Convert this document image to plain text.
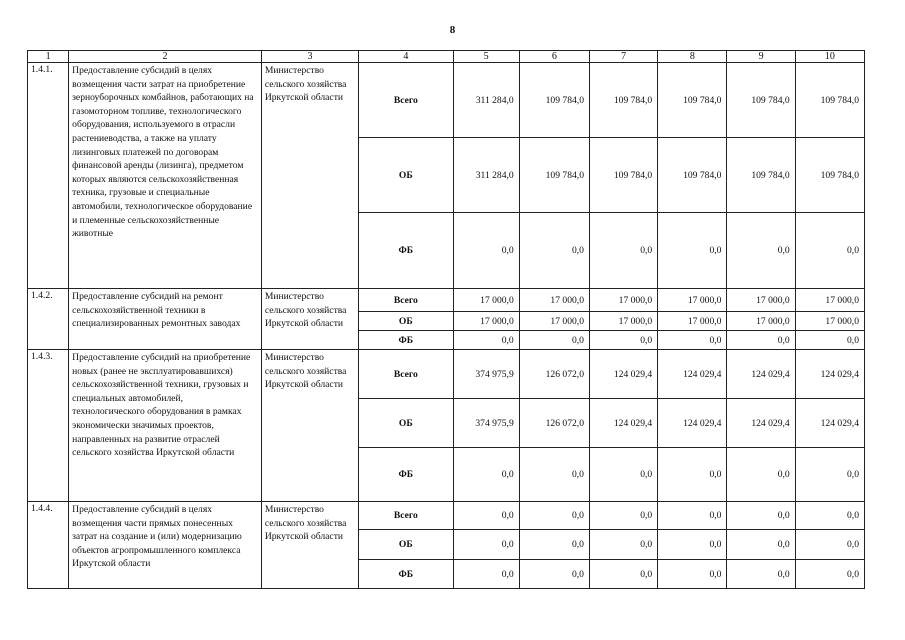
8
1	2	3	4	5	6	7	8	9	10
1.4.1.	Предоставление субсидий в целях возмещения части затрат на приобретение зерноуборочных комбайнов, работающих на газомоторном топливе, технологического оборудования, используемого в отрасли растениеводства, а также на уплату лизинговых платежей по договорам финансовой аренды (лизинга), предметом которых являются сельскохозяйственная техника, грузовые и специальные автомобили, технологическое оборудование и племенные сельскохозяйственные животные	Министерство сельского хозяйства Иркутской области	Всего	311 284,0	109 784,0	109 784,0	109 784,0	109 784,0	109 784,0
			ОБ	311 284,0	109 784,0	109 784,0	109 784,0	109 784,0	109 784,0
			ФБ	0,0	0,0	0,0	0,0	0,0	0,0
1.4.2.	Предоставление субсидий на ремонт сельскохозяйственной техники в специализированных ремонтных заводах	Министерство сельского хозяйства Иркутской области	Всего	17 000,0	17 000,0	17 000,0	17 000,0	17 000,0	17 000,0
			ОБ	17 000,0	17 000,0	17 000,0	17 000,0	17 000,0	17 000,0
			ФБ	0,0	0,0	0,0	0,0	0,0	0,0
1.4.3.	Предоставление субсидий на приобретение новых (ранее не эксплуатировавшихся) сельскохозяйственной техники, грузовых и специальных автомобилей, технологического оборудования в рамках экономически значимых проектов, направленных на развитие отраслей сельского хозяйства Иркутской области	Министерство сельского хозяйства Иркутской области	Всего	374 975,9	126 072,0	124 029,4	124 029,4	124 029,4	124 029,4
			ОБ	374 975,9	126 072,0	124 029,4	124 029,4	124 029,4	124 029,4
			ФБ	0,0	0,0	0,0	0,0	0,0	0,0
1.4.4.	Предоставление субсидий в целях возмещения части прямых понесенных затрат на создание и (или) модернизацию объектов агропромышленного комплекса Иркутской области	Министерство сельского хозяйства Иркутской области	Всего	0,0	0,0	0,0	0,0	0,0	0,0
			ОБ	0,0	0,0	0,0	0,0	0,0	0,0
			ФБ	0,0	0,0	0,0	0,0	0,0	0,0
